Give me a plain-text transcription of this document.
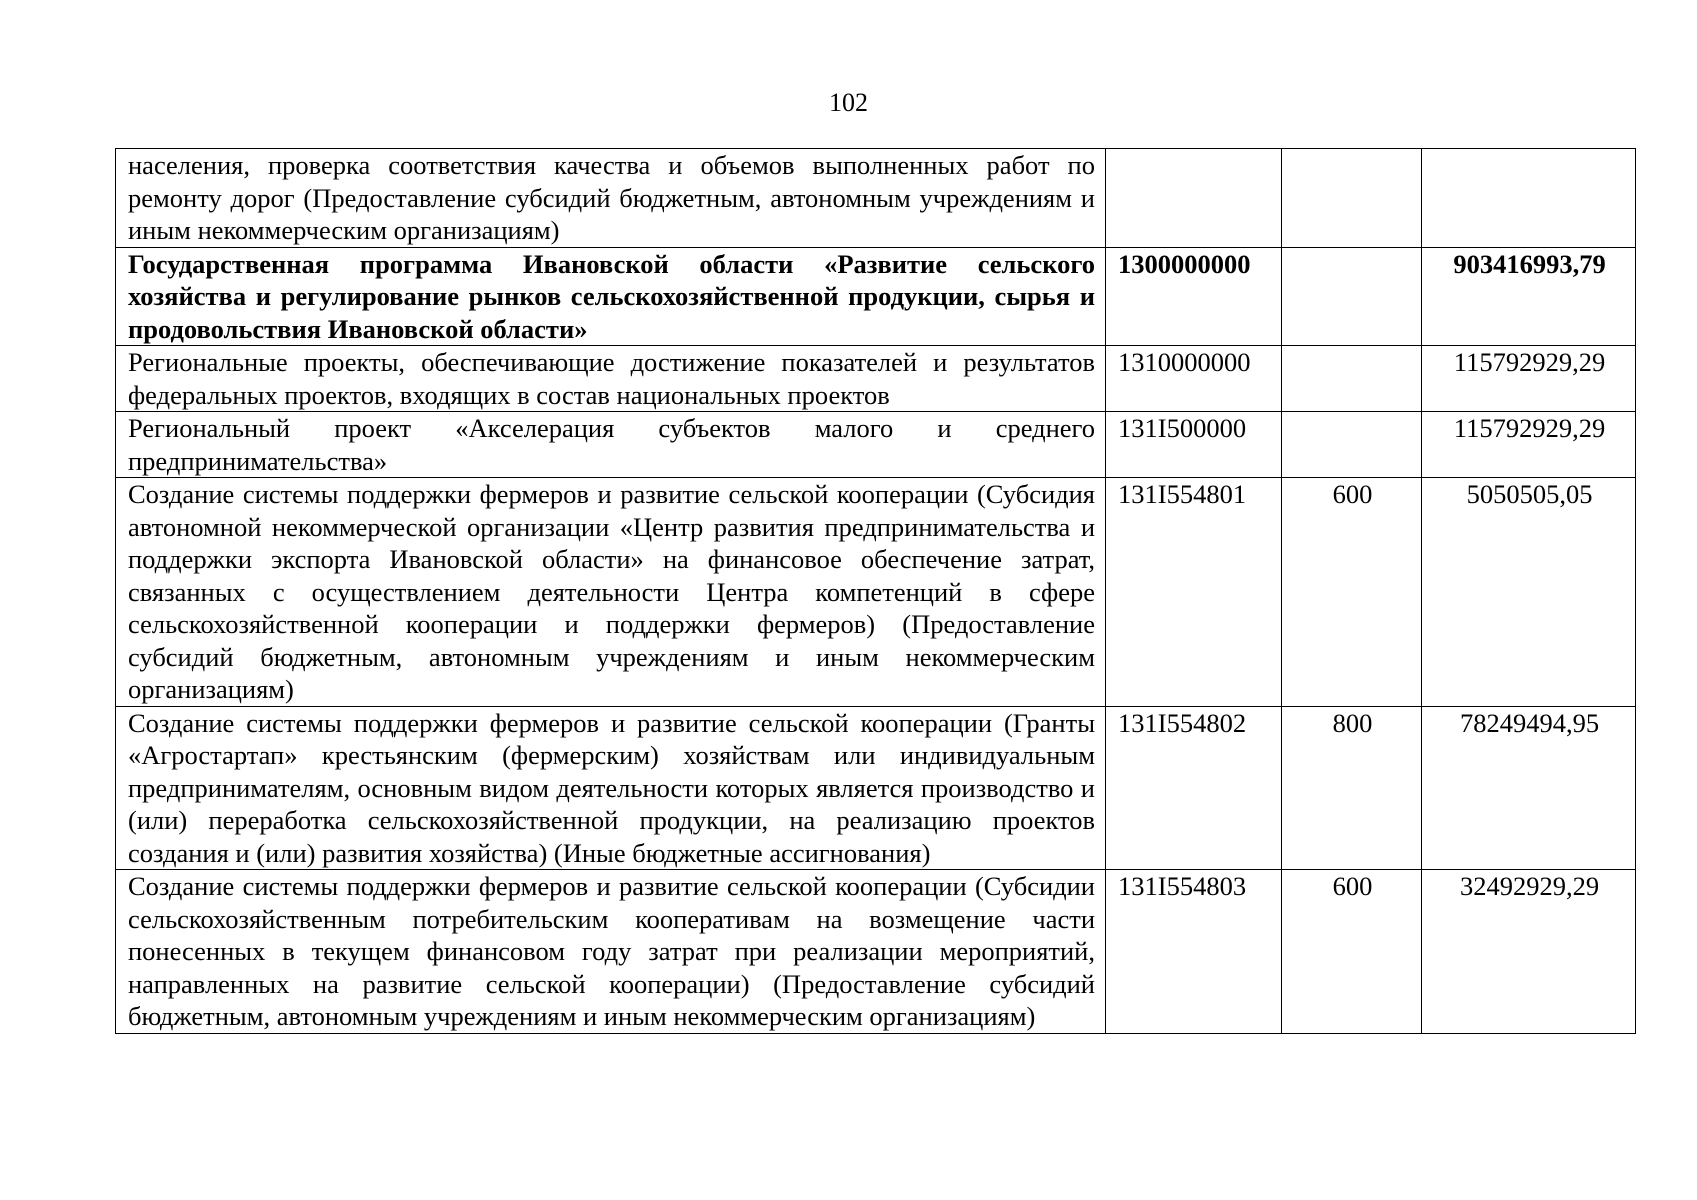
102
населения, проверка соответствия качества и объемов выполненных работ по ремонту дорог (Предоставление субсидий бюджетным, автономным учреждениям и иным некоммерческим организациям)			
Государственная программа Ивановской области «Развитие сельского хозяйства и регулирование рынков сельскохозяйственной продукции, сырья и продовольствия Ивановской области»	1300000000		903416993,79
Региональные проекты, обеспечивающие достижение показателей и результатов федеральных проектов, входящих в состав национальных проектов	1310000000		115792929,29
Региональный проект «Акселерация субъектов малого и среднего предпринимательства»	131I500000		115792929,29
Создание системы поддержки фермеров и развитие сельской кооперации (Субсидия автономной некоммерческой организации «Центр развития предпринимательства и поддержки экспорта Ивановской области» на финансовое обеспечение затрат, связанных с осуществлением деятельности Центра компетенций в сфере сельскохозяйственной кооперации и поддержки фермеров) (Предоставление субсидий бюджетным, автономным учреждениям и иным некоммерческим организациям)	131I554801	600	5050505,05
Создание системы поддержки фермеров и развитие сельской кооперации (Гранты «Агростартап» крестьянским (фермерским) хозяйствам или индивидуальным предпринимателям, основным видом деятельности которых является производство и (или) переработка сельскохозяйственной продукции, на реализацию проектов создания и (или) развития хозяйства) (Иные бюджетные ассигнования)	131I554802	800	78249494,95
Создание системы поддержки фермеров и развитие сельской кооперации (Субсидии сельскохозяйственным потребительским кооперативам на возмещение части понесенных в текущем финансовом году затрат при реализации мероприятий, направленных на развитие сельской кооперации) (Предоставление субсидий бюджетным, автономным учреждениям и иным некоммерческим организациям)	131I554803	600	32492929,29
